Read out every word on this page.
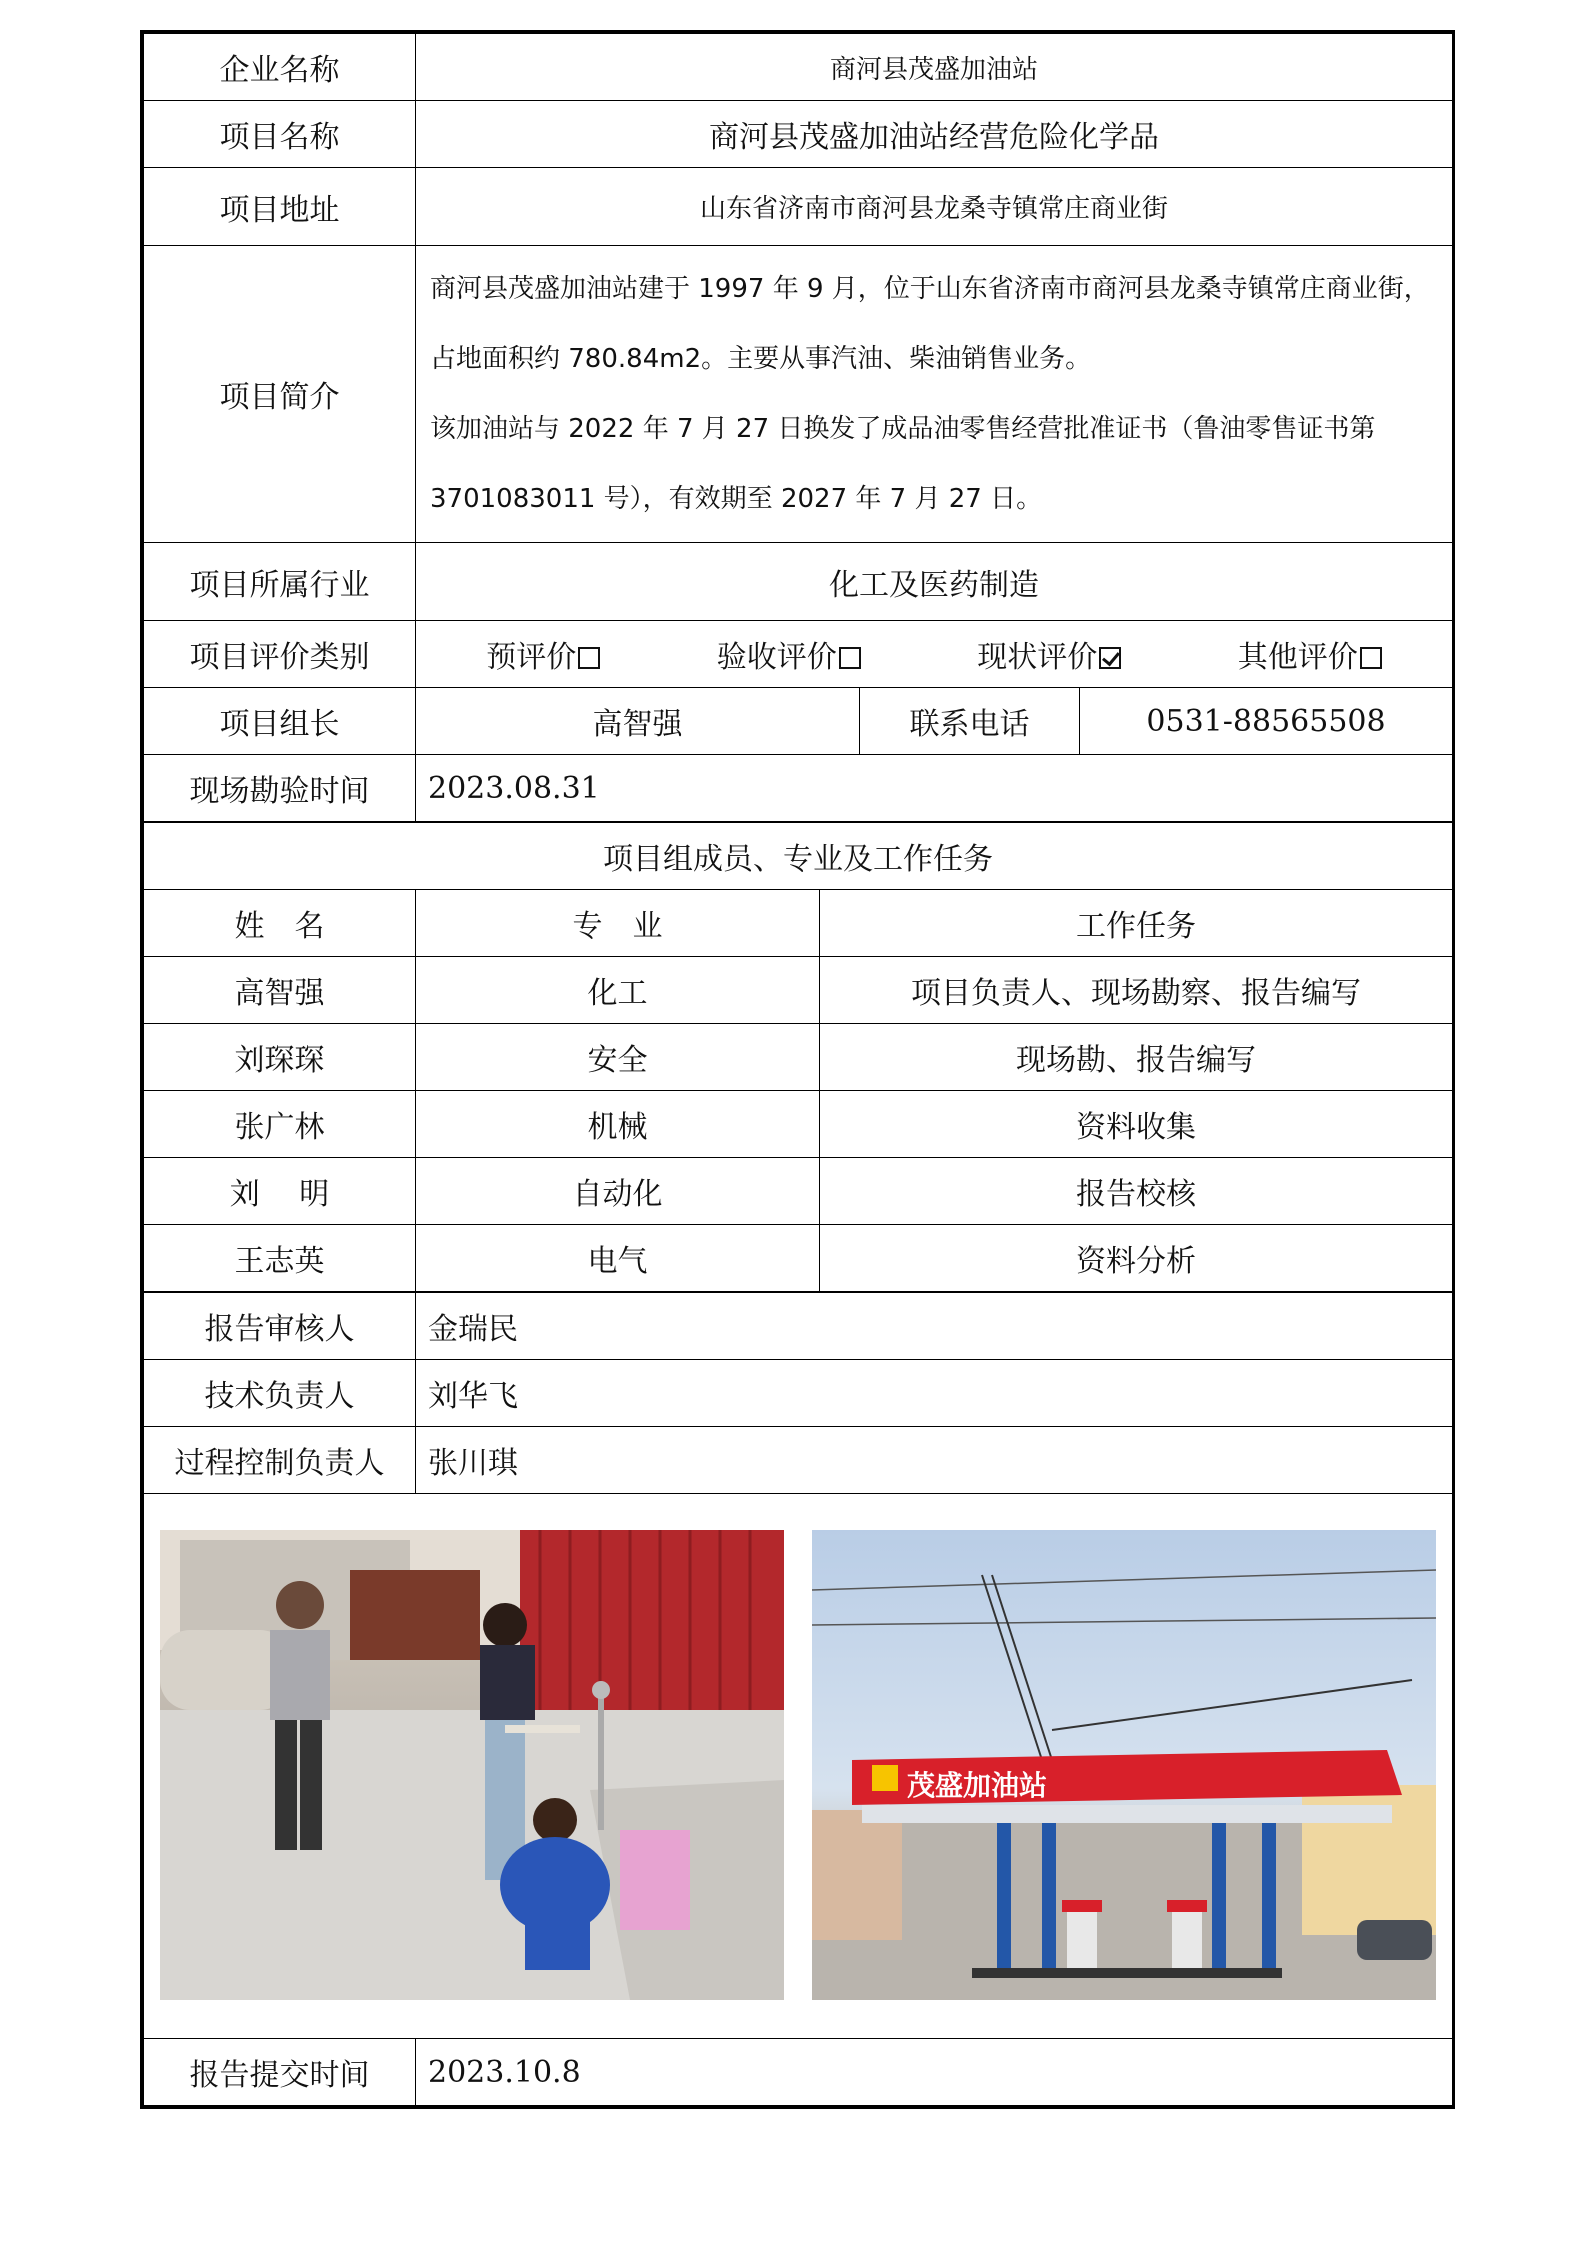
企业名称	商河县茂盛加油站		
项目名称	商河县茂盛加油站经营危险化学品		
项目地址	山东省济南市商河县龙桑寺镇常庄商业街		
项目简介	商河县茂盛加油站建于 1997 年 9 月，位于山东省济南市商河县龙桑寺镇常庄商业街，
占地面积约 780.84m2。主要从事汽油、柴油销售业务。
该加油站与 2022 年 7 月 27 日换发了成品油零售经营批准证书（鲁油零售证书第
3701083011 号），有效期至 2027 年 7 月 27 日。		

项目所属行业	化工及医药制造		
项目评价类别	预评价 验收评价 现状评价 其他评价		

项目组长	高智强	联系电话	0531-88565508
现场勘验时间	2023.08.31		
项目组成员、专业及工作任务		
姓　名	专　业	工作任务
高智强	化工	项目负责人、现场勘察、报告编写
刘琛琛	安全	现场勘、报告编写
张广林	机械	资料收集
刘　 明	自动化	报告校核
王志英	电气	资料分析
报告审核人	金瑞民
技术负责人	刘华飞
过程控制负责人	张川琪

茂盛加油站	

报告提交时间	2023.10.8
